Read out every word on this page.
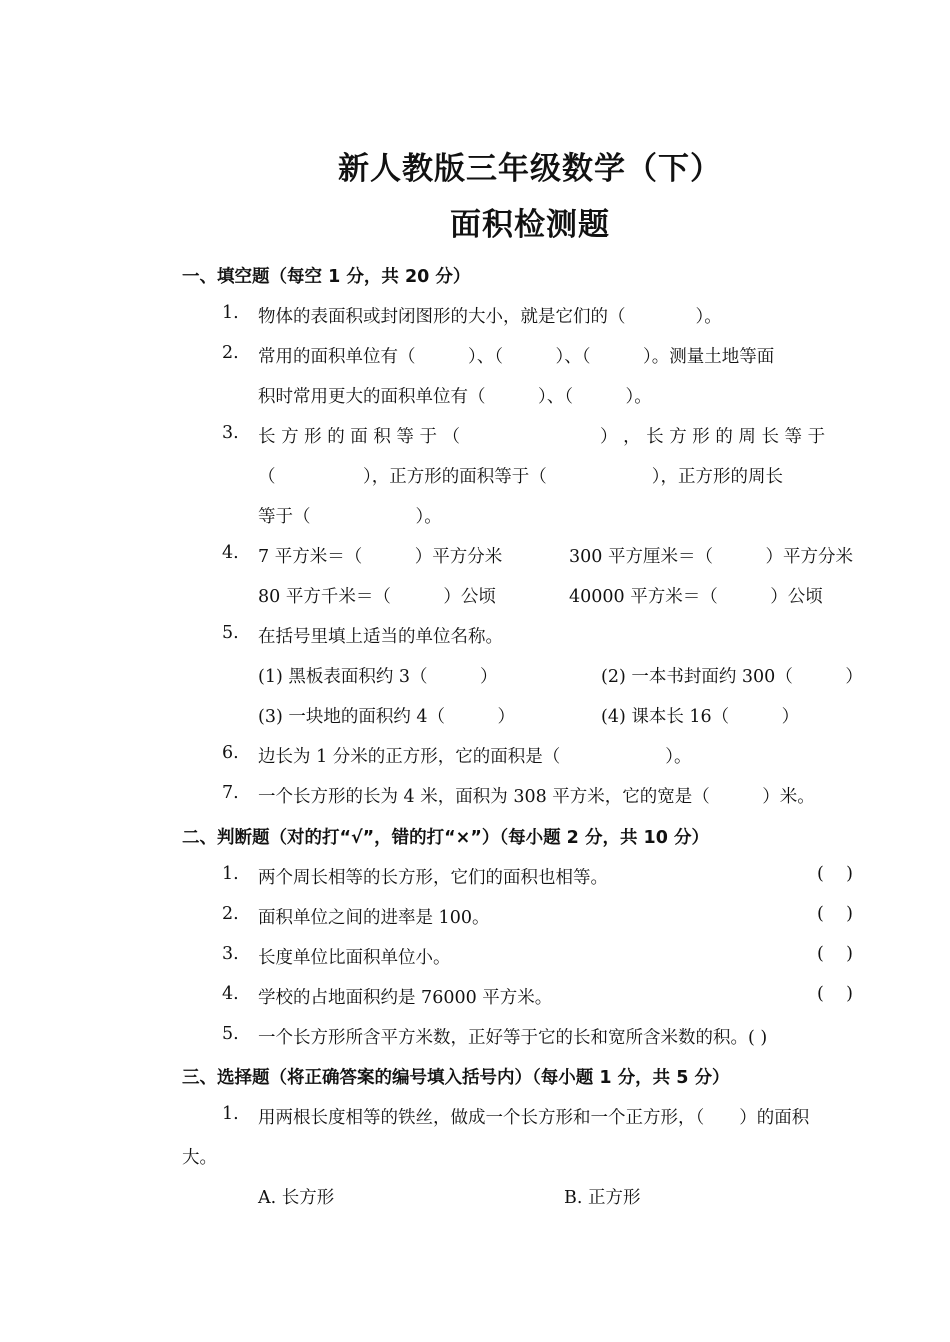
新人教版三年级数学（下）
面积检测题
一、填空题（每空 1 分，共 20 分）
1. 物体的表面积或封闭图形的大小，就是它们的（　　　　）。
2. 常用的面积单位有（　　　）、（　　　）、（　　　）。测量土地等面
积时常用更大的面积单位有（　　　）、（　　　）。
3. 长 方 形 的 面 积 等 于 （　　　　　　　　） ， 长 方 形 的 周 长 等 于
（　　　　　），正方形的面积等于（　　　　　　），正方形的周长
等于（　　　　　　）。
4. 7 平方米＝（　　　）平方分米	300 平方厘米＝（　　　）平方分米
80 平方千米＝（　　　）公顷	40000 平方米＝（　　　）公顷
5. 在括号里填上适当的单位名称。
(1) 黑板表面积约 3（　　　）	(2) 一本书封面约 300（　　　）
(3) 一块地的面积约 4（　　　）	(4) 课本长 16（　　　）
6. 边长为 1 分米的正方形，它的面积是（　　　　　　）。
7. 一个长方形的长为 4 米，面积为 308 平方米，它的宽是（　　　）米。
二、判断题（对的打“√”，错的打“×”）（每小题 2 分，共 10 分）
1. 两个周长相等的长方形，它们的面积也相等。	(    )
2. 面积单位之间的进率是 100。	(    )
3. 长度单位比面积单位小。	(    )
4. 学校的占地面积约是 76000 平方米。	(    )
5. 一个长方形所含平方米数，正好等于它的长和宽所含米数的积。( )
三、选择题（将正确答案的编号填入括号内）（每小题 1 分，共 5 分）
1. 用两根长度相等的铁丝，做成一个长方形和一个正方形，（　　）的面积
大。
A. 长方形	B. 正方形
